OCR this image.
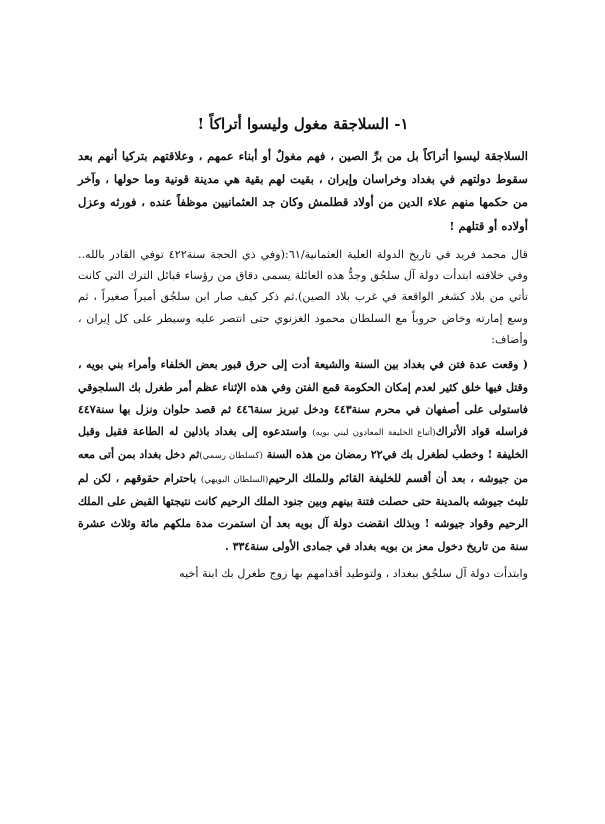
١- السلاجقة مغول وليسوا أتراكاً !

السلاجقة ليسوا أتراكاً بل من برِّ الصين ، فهم مغولٌ أو أبناء عمهم ، وعلاقتهم بتركيا أنهم بعد سقوط دولتهم في بغداد وخراسان وإيران ، بقيت لهم بقية هي مدينة قونية وما حولها ، وآخر من حكمها منهم علاء الدين من أولاد قطلمش وكان جد العثمانيين موظفاً عنده ، فورثه وعزل أولاده أو قتلهم !

قال محمد فريد في تاريخ الدولة العلية العثمانية/٦١:(وفي ذي الحجة سنة٤٢٢ توفي القادر بالله.. وفي خلافته ابتدأت دولة آل سلجُق وجدُّ هذه العائلة يسمى دقاق من رؤساء قبائل الترك التي كانت تأتي من بلاد كشغر الواقعة في غرب بلاد الصين).ثم ذكر كيف صار ابن سلجُق أميراً صغيراً ، ثم وسع إمارته وخاض حروباً مع السلطان محمود الغزنوي حتى انتصر عليه وسيطر على كل إيران ، وأضاف:

( وقعت عدة فتن في بغداد بين السنة والشيعة أدت إلى حرق قبور بعض الخلفاء وأمراء بني بويه ، وقتل فيها خلق كثير لعدم إمكان الحكومة قمع الفتن وفي هذه الإثناء عظم أمر طغرل بك السلجوقي فاستولى على أصفهان في محرم سنة٤٤٣ ودخل تبريز سنة٤٤٦ ثم قصد حلوان ونزل بها سنة٤٤٧ فراسله قواد الأتراك(أتباع الخليفة المعادون لبني بويه) واستدعوه إلى بغداد باذلين له الطاعة فقبل وقبل الخليفة ! وخطب لطغرل بك في٢٢ رمضان من هذه السنة (كسلطان رسمي)ثم دخل بغداد بمن أتى معه من جيوشه ، بعد أن أقسم للخليفة القائم وللملك الرحيم(السلطان البويهي) باحترام حقوقهم ، لكن لم تلبث جيوشه بالمدينة حتى حصلت فتنة بينهم وبين جنود الملك الرحيم كانت نتيجتها القبض على الملك الرحيم وقواد جيوشه ! وبذلك انقضت دولة آل بويه بعد أن استمرت مدة ملكهم مائة وثلاث عشرة سنة من تاريخ دخول معز بن بويه بغداد في جمادى الأولى سنة٣٣٤ .

وابتدأت دولة آل سلجُق ببغداد ، ولتوطيد أقدامهم بها زوج طغرل بك ابنة أخيه
